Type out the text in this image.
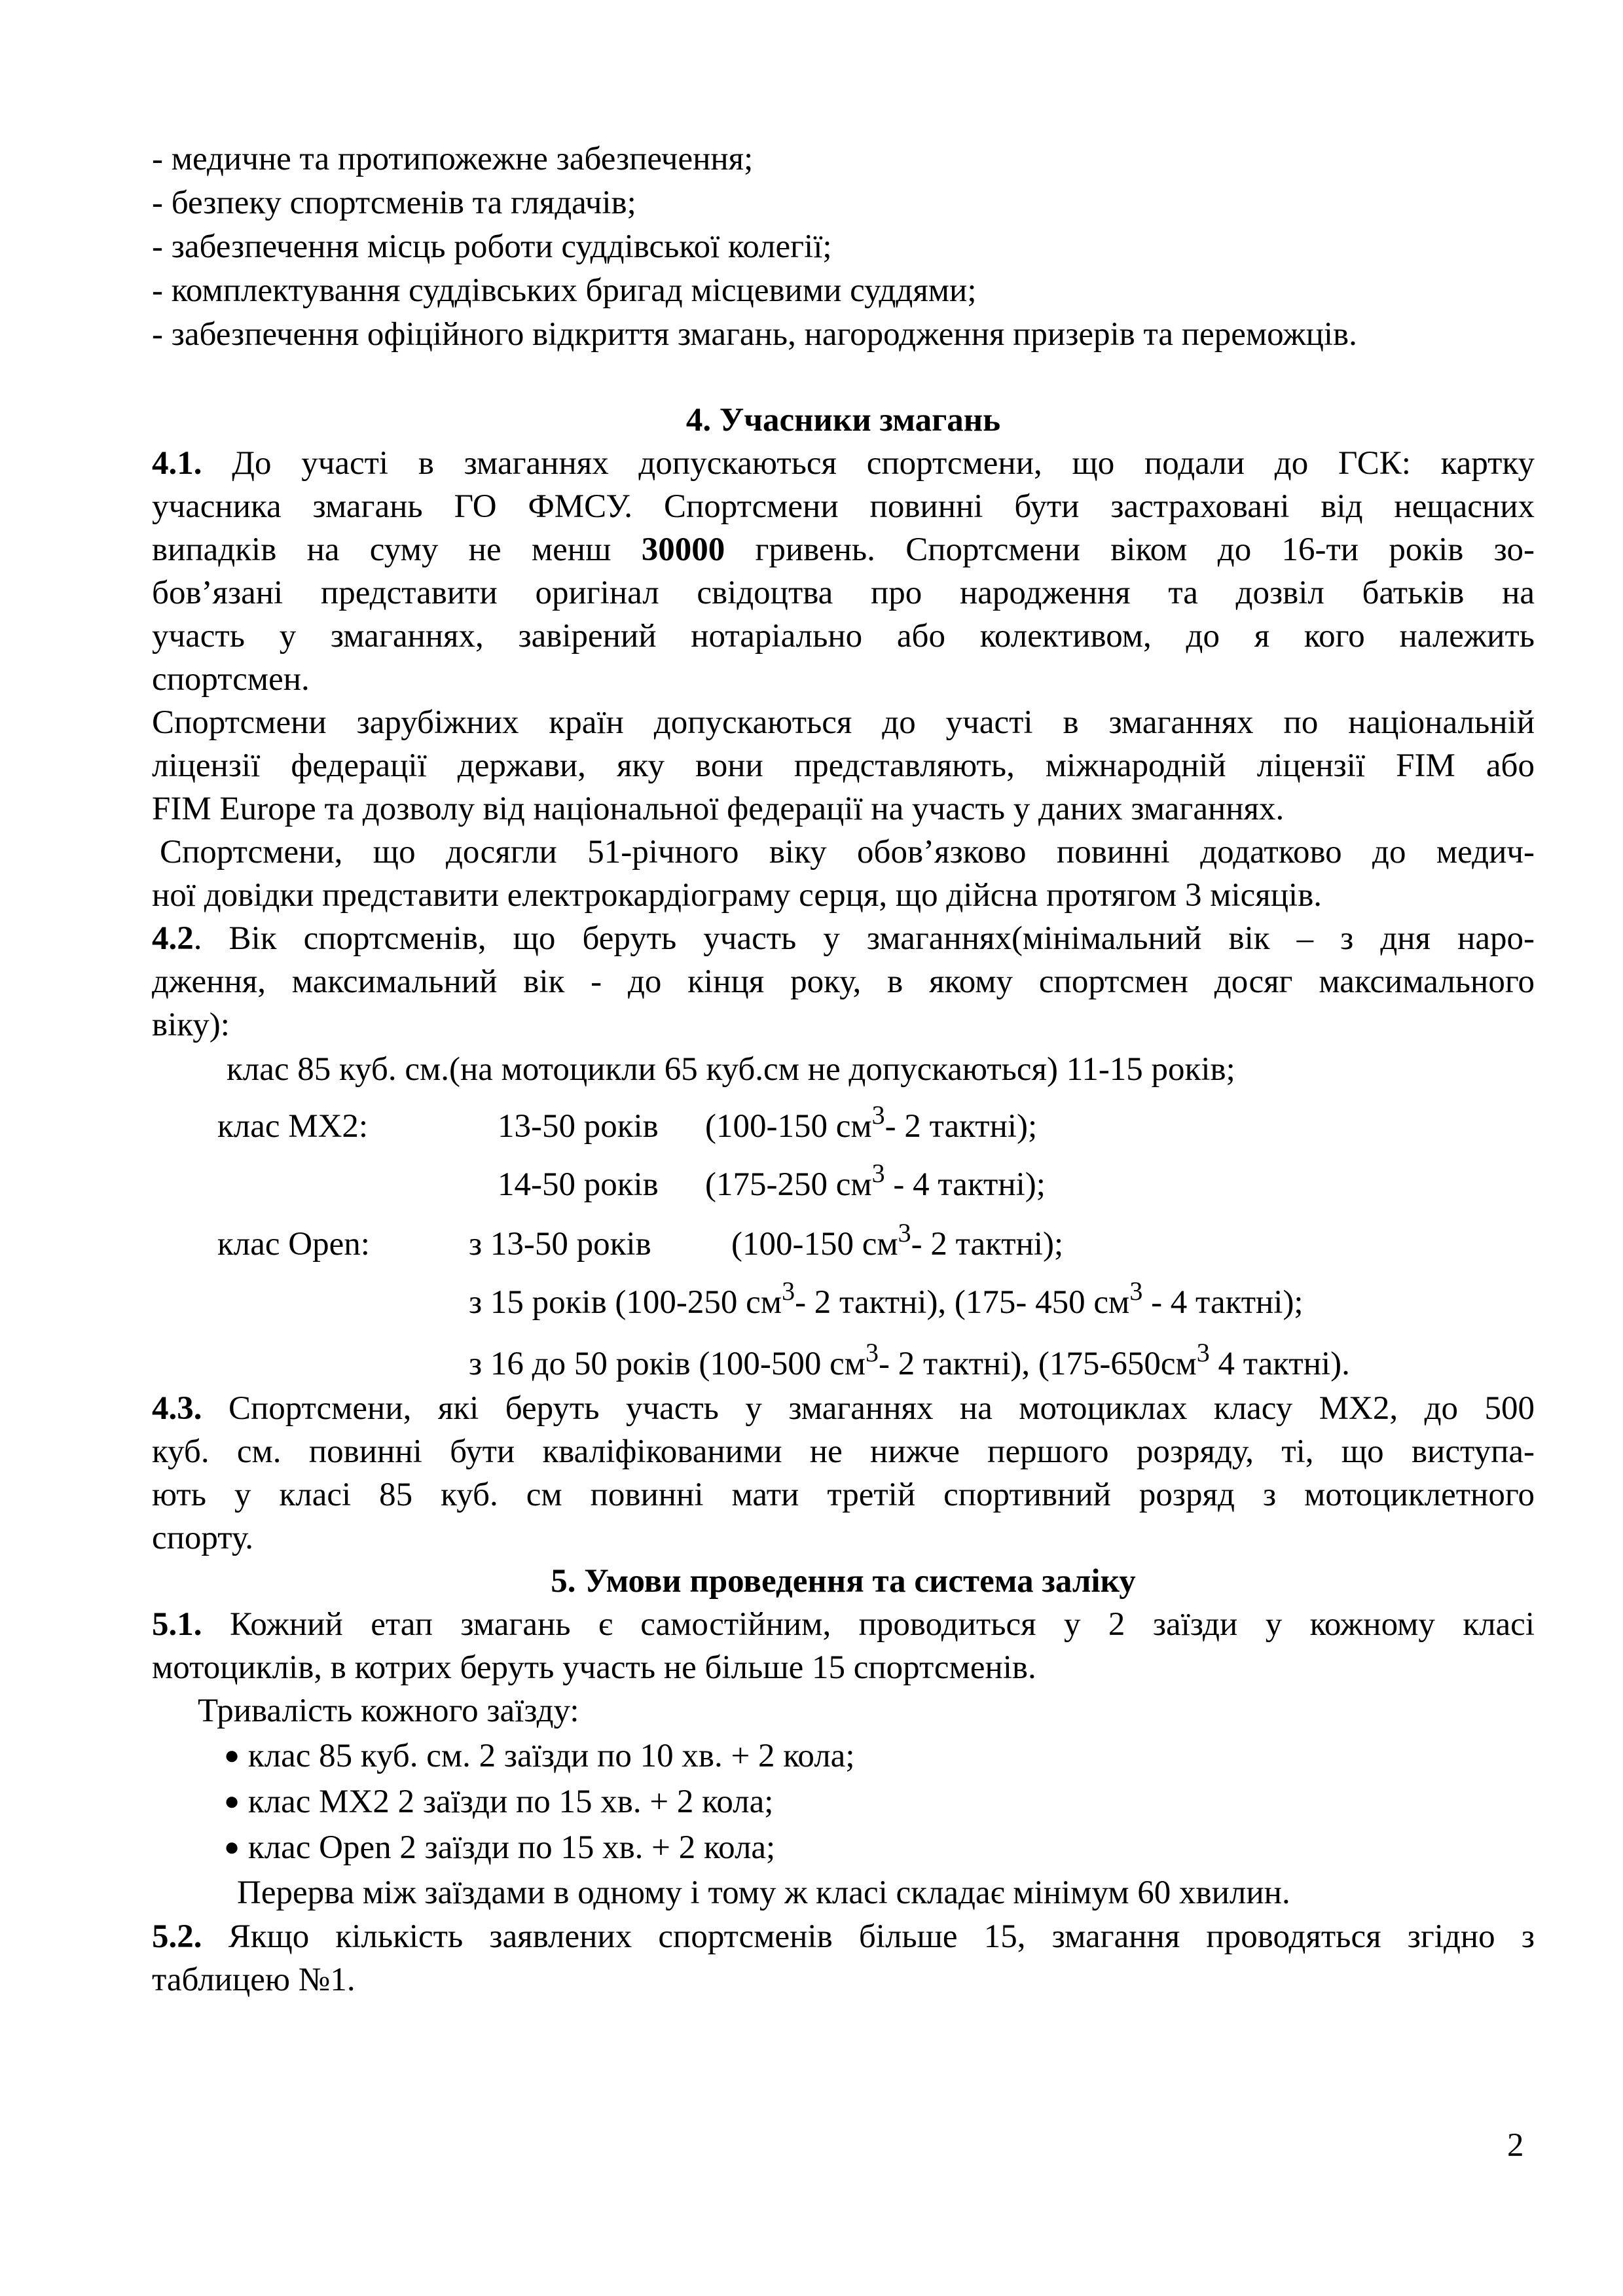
- медичне та протипожежне забезпечення;
- безпеку спортсменів та глядачів;
- забезпечення місць роботи суддівської колегії;
- комплектування суддівських бригад місцевими суддями;
- забезпечення офіційного відкриття змагань, нагородження призерів та переможців.
4. Учасники змагань
4.1. До участі в змаганнях допускаються спортсмени, що подали до ГСК: картку
учасника змагань ГО ФМСУ. Спортсмени повинні бути застраховані від нещасних
випадків на суму не менш 30000 гривень. Спортсмени віком до 16-ти років зо-
бов’язані представити оригінал свідоцтва про народження та дозвіл батьків на
участь у змаганнях, завірений нотаріально або колективом, до я кого належить
спортсмен.
Спортсмени зарубіжних країн допускаються до участі в змаганнях по національній
ліцензії федерації держави, яку вони представляють, міжнародній ліцензії FIM або
FIM Europe та дозволу від національної федерації на участь у даних змаганнях.
Спортсмени, що досягли 51-річного віку обов’язково повинні додатково до медич-
ної довідки представити електрокардіограму серця, що дійсна протягом 3 місяців.
4.2. Вік спортсменів, що беруть участь у змаганнях(мінімальний вік – з дня наро-
дження, максимальний вік - до кінця року, в якому спортсмен досяг максимального
віку):
клас 85 куб. см.(на мотоцикли 65 куб.см не допускаються) 11-15 років;
клас MX2:	13-50 років (100-150 $см^3-$ 2 тактні);
14-50 років (175-250 $см^3 - 4$ тактні);
клас Open:	з 13-50 років (100-150 $см^3-$ 2 тактні);
з 15 років (100-250 $см^3-$ 2 тактні), (175- 450 $см^3 - 4$ тактні);
з 16 до 50 років (100-500 $см^3-$ 2 тактні), ($175-650см^3$ 4 тактні).
4.3. Спортсмени, які беруть участь у змаганнях на мотоциклах класу MX2, до 500
куб. см. повинні бути кваліфікованими не нижче першого розряду, ті, що виступа-
ють у класі 85 куб. см повинні мати третій спортивний розряд з мотоциклетного
спорту.
5. Умови проведення та система заліку
5.1. Кожний етап змагань є самостійним, проводиться у 2 заїзди у кожному класі
мотоциклів, в котрих беруть участь не більше 15 спортсменів.
Тривалість кожного заїзду:
● клас 85 куб. см. 2 заїзди по 10 хв. + 2 кола;
● клас MX2 2 заїзди по 15 хв. + 2 кола;
● клас Open 2 заїзди по 15 хв. + 2 кола;
Перерва між заїздами в одному і тому ж класі складає мінімум 60 хвилин.
5.2. Якщо кількість заявлених спортсменів більше 15, змагання проводяться згідно з
таблицею №1.
2
